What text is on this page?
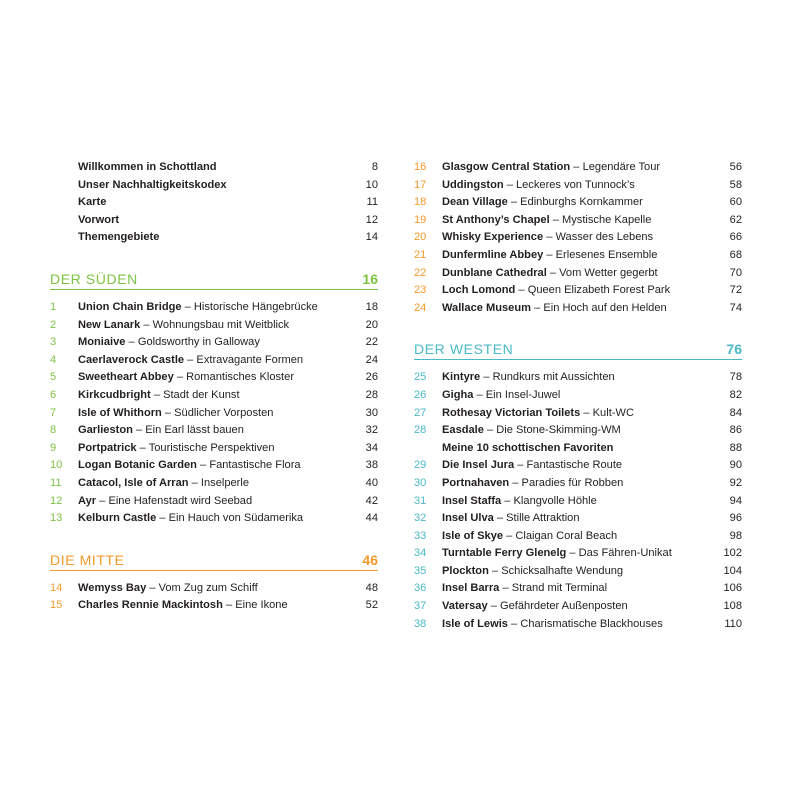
Willkommen in Schottland	8
Unser Nachhaltigkeitskodex	10
Karte	11
Vorwort	12
Themengebiete	14
DER SÜDEN	16
1	Union Chain Bridge – Historische Hängebrücke	18
2	New Lanark – Wohnungsbau mit Weitblick	20
3	Moniaive – Goldsworthy in Galloway	22
4	Caerlaverock Castle – Extravagante Formen	24
5	Sweetheart Abbey – Romantisches Kloster	26
6	Kirkcudbright – Stadt der Kunst	28
7	Isle of Whithorn – Südlicher Vorposten	30
8	Garlieston – Ein Earl lässt bauen	32
9	Portpatrick – Touristische Perspektiven	34
10	Logan Botanic Garden – Fantastische Flora	38
11	Catacol, Isle of Arran – Inselperle	40
12	Ayr – Eine Hafenstadt wird Seebad	42
13	Kelburn Castle – Ein Hauch von Südamerika	44
DIE MITTE	46
14	Wemyss Bay – Vom Zug zum Schiff	48
15	Charles Rennie Mackintosh – Eine Ikone	52
16	Glasgow Central Station – Legendäre Tour	56
17	Uddingston – Leckeres von Tunnock’s	58
18	Dean Village – Edinburghs Kornkammer	60
19	St Anthony’s Chapel – Mystische Kapelle	62
20	Whisky Experience – Wasser des Lebens	66
21	Dunfermline Abbey – Erlesenes Ensemble	68
22	Dunblane Cathedral – Vom Wetter gegerbt	70
23	Loch Lomond – Queen Elizabeth Forest Park	72
24	Wallace Museum – Ein Hoch auf den Helden	74
DER WESTEN	76
25	Kintyre – Rundkurs mit Aussichten	78
26	Gigha – Ein Insel-Juwel	82
27	Rothesay Victorian Toilets – Kult-WC	84
28	Easdale – Die Stone-Skimming-WM	86
Meine 10 schottischen Favoriten	88
29	Die Insel Jura – Fantastische Route	90
30	Portnahaven – Paradies für Robben	92
31	Insel Staffa – Klangvolle Höhle	94
32	Insel Ulva – Stille Attraktion	96
33	Isle of Skye – Claigan Coral Beach	98
34	Turntable Ferry Glenelg – Das Fähren-Unikat	102
35	Plockton – Schicksalhafte Wendung	104
36	Insel Barra – Strand mit Terminal	106
37	Vatersay – Gefährdeter Außenposten	108
38	Isle of Lewis – Charismatische Blackhouses	110
